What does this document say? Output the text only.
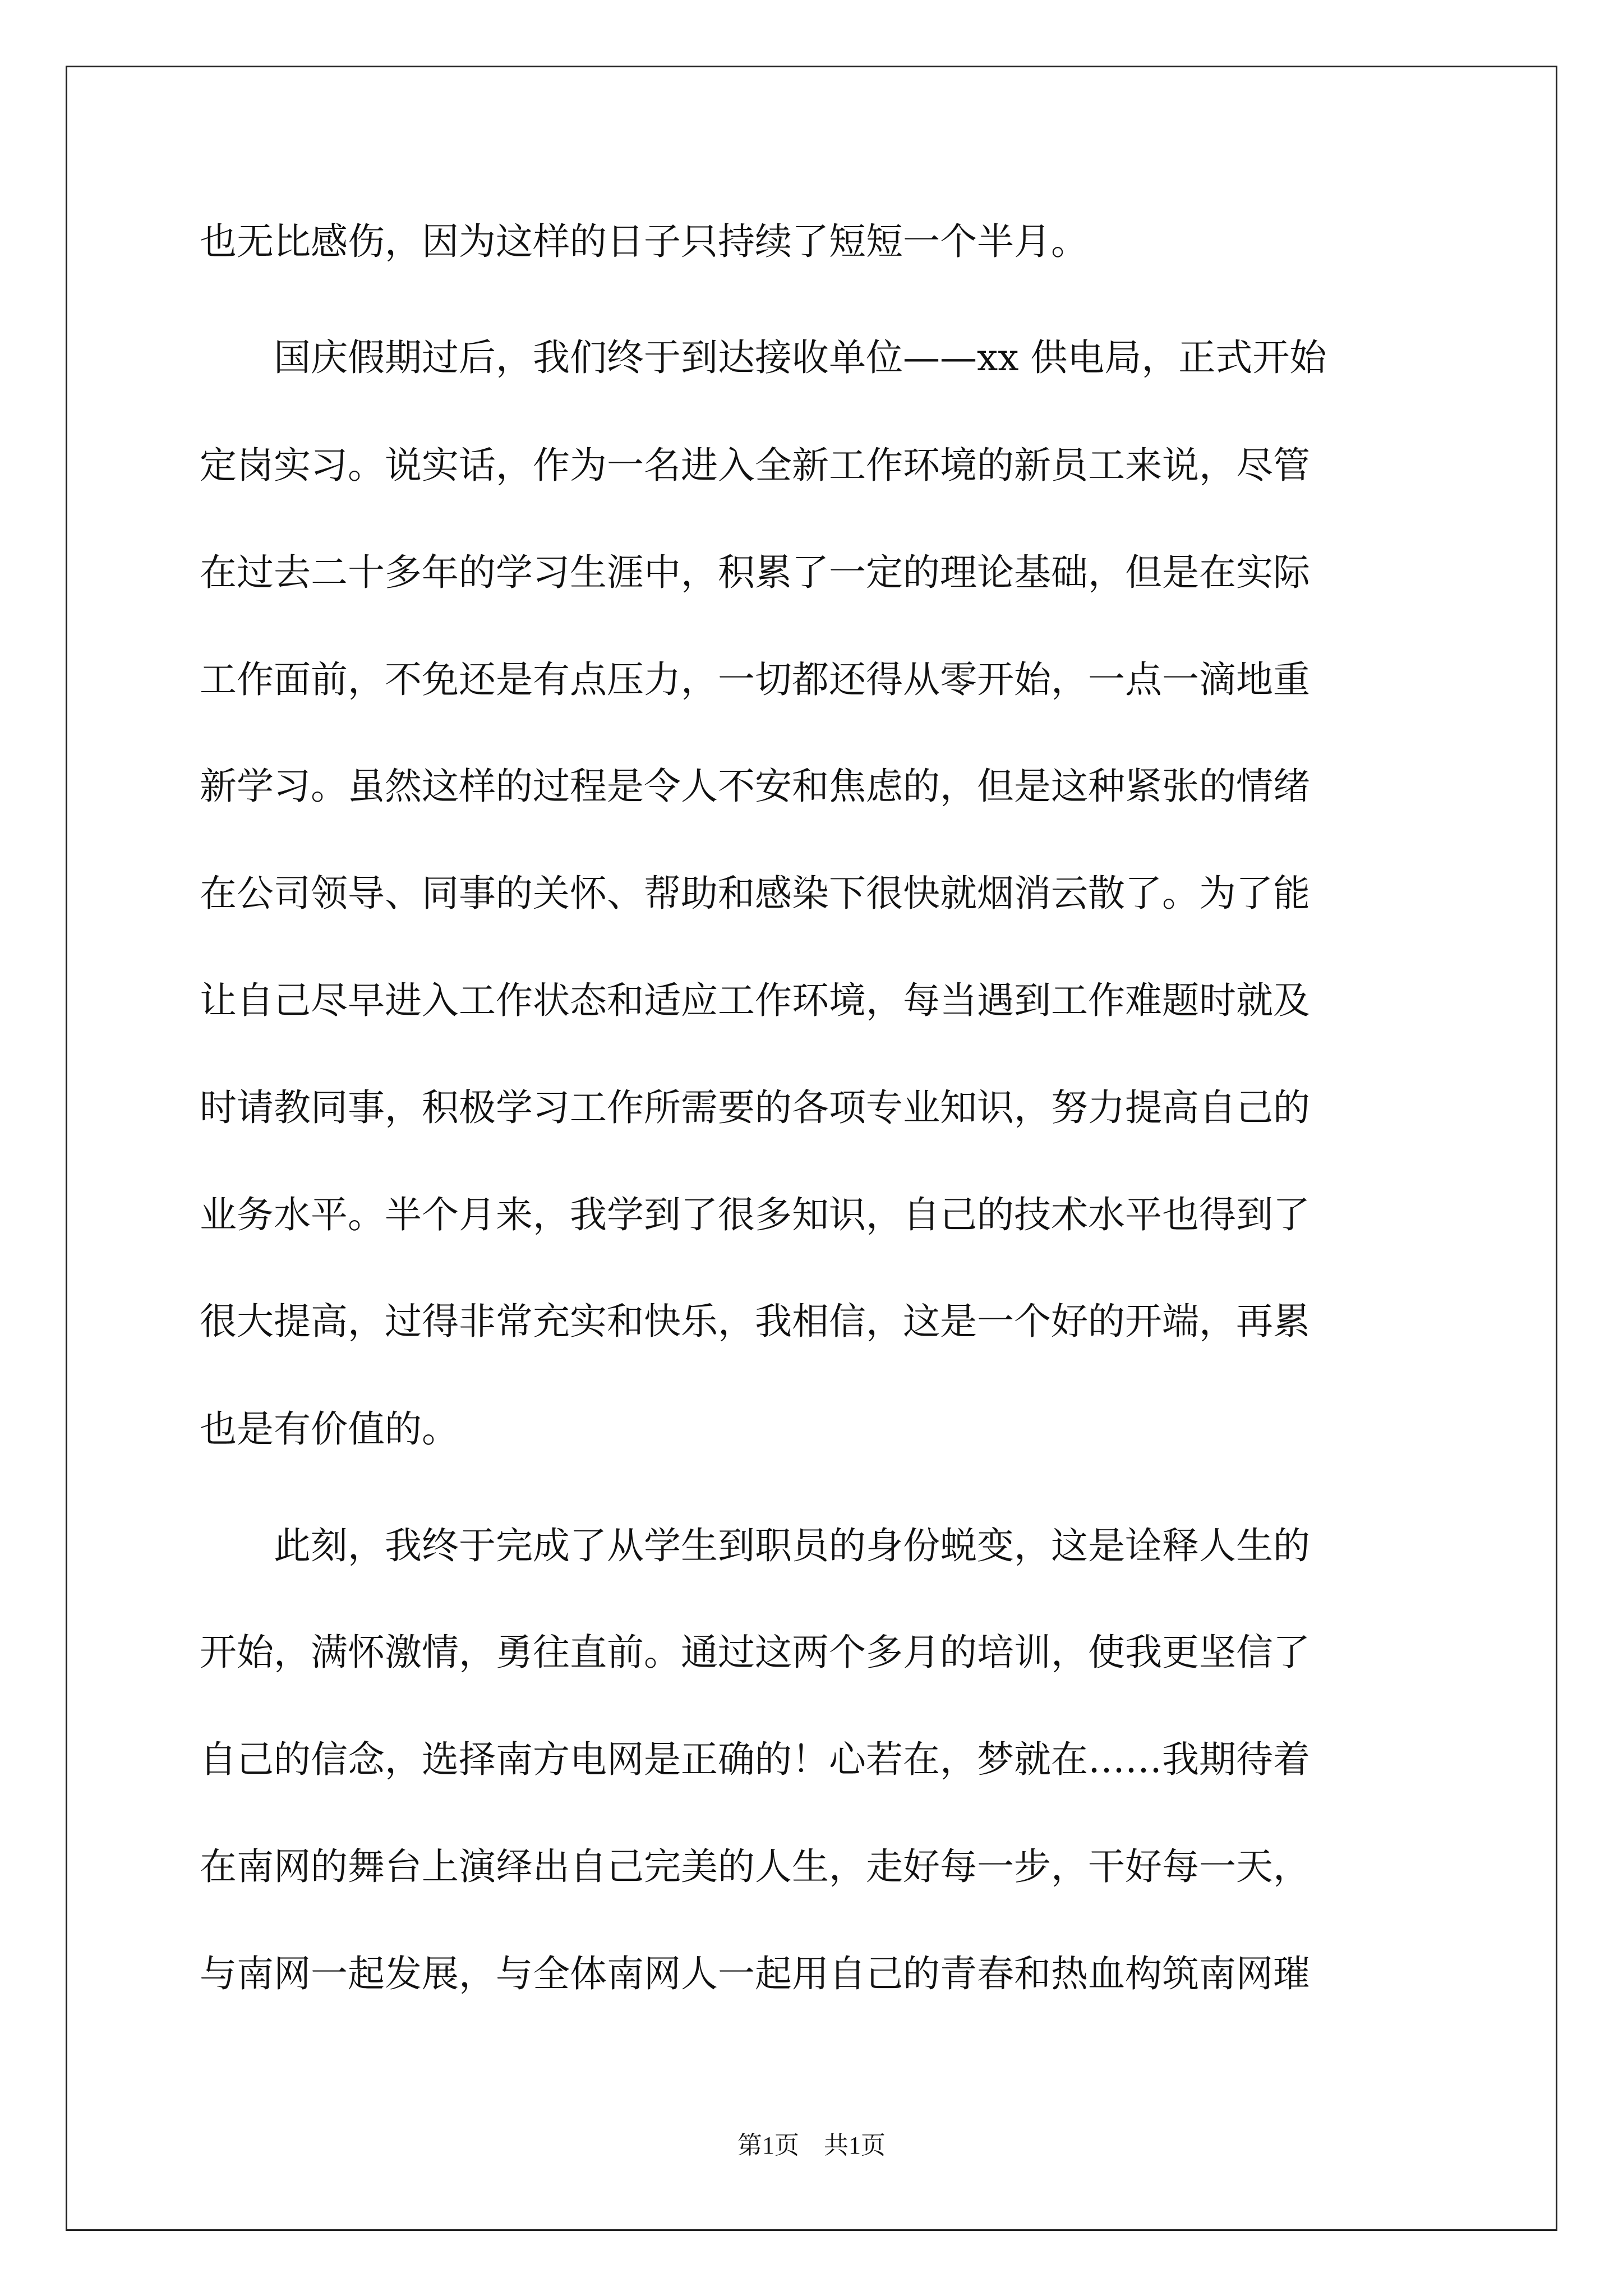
也无比感伤，因为这样的日子只持续了短短一个半月。
　　国庆假期过后，我们终于到达接收单位——xx 供电局，正式开始
定岗实习。说实话，作为一名进入全新工作环境的新员工来说，尽管
在过去二十多年的学习生涯中，积累了一定的理论基础，但是在实际
工作面前，不免还是有点压力，一切都还得从零开始，一点一滴地重
新学习。虽然这样的过程是令人不安和焦虑的，但是这种紧张的情绪
在公司领导、同事的关怀、帮助和感染下很快就烟消云散了。为了能
让自己尽早进入工作状态和适应工作环境，每当遇到工作难题时就及
时请教同事，积极学习工作所需要的各项专业知识，努力提高自己的
业务水平。半个月来，我学到了很多知识，自己的技术水平也得到了
很大提高，过得非常充实和快乐，我相信，这是一个好的开端，再累
也是有价值的。
　　此刻，我终于完成了从学生到职员的身份蜕变，这是诠释人生的
开始，满怀激情，勇往直前。通过这两个多月的培训，使我更坚信了
自己的信念，选择南方电网是正确的！心若在，梦就在……我期待着
在南网的舞台上演绎出自己完美的人生，走好每一步，干好每一天，
与南网一起发展，与全体南网人一起用自己的青春和热血构筑南网璀
第1页　共1页
